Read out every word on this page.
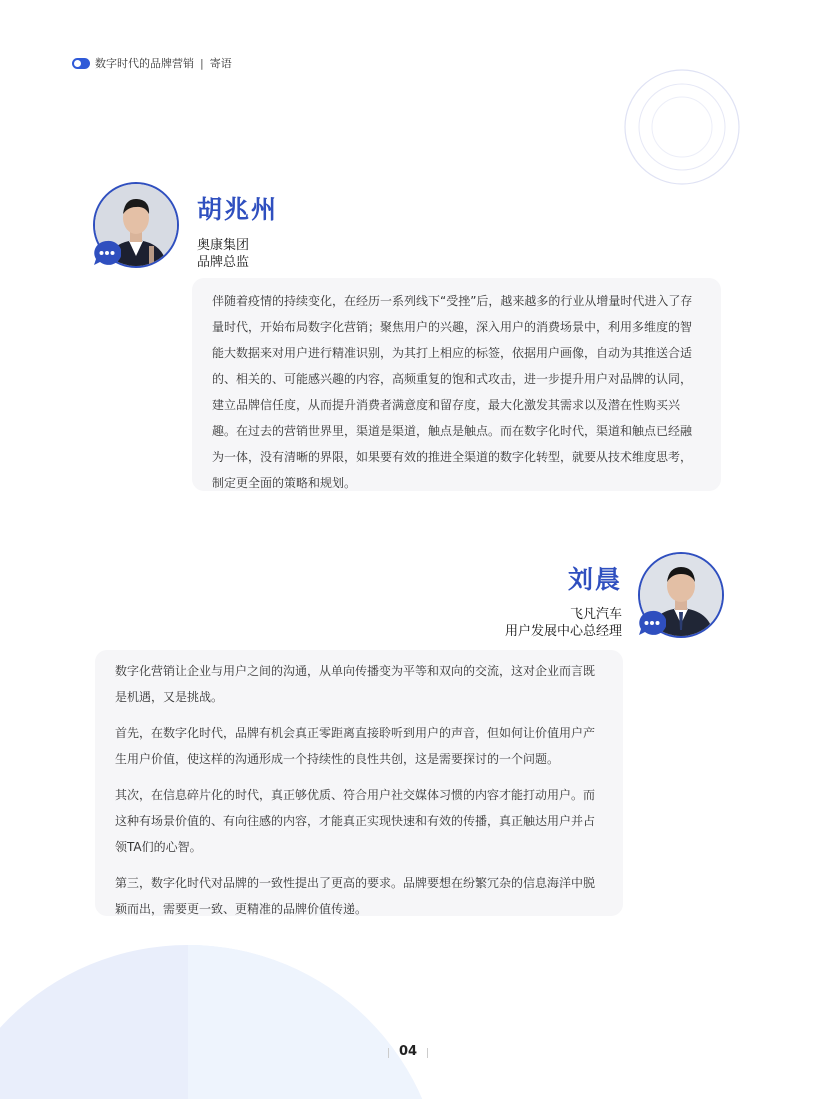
数字时代的品牌营销 | 寄语
胡兆州
奥康集团
品牌总监

伴随着疫情的持续变化，在经历一系列线下“受挫”后，越来越多的行业从增量时代进入了存量时代，开始布局数字化营销；聚焦用户的兴趣，深入用户的消费场景中，利用多维度的智能大数据来对用户进行精准识别，为其打上相应的标签，依据用户画像，自动为其推送合适的、相关的、可能感兴趣的内容，高频重复的饱和式攻击，进一步提升用户对品牌的认同，建立品牌信任度，从而提升消费者满意度和留存度，最大化激发其需求以及潜在性购买兴趣。在过去的营销世界里，渠道是渠道，触点是触点。而在数字化时代，渠道和触点已经融为一体，没有清晰的界限，如果要有效的推进全渠道的数字化转型，就要从技术维度思考，制定更全面的策略和规划。

刘晨
飞凡汽车
用户发展中心总经理

数字化营销让企业与用户之间的沟通，从单向传播变为平等和双向的交流，这对企业而言既是机遇，又是挑战。

首先，在数字化时代，品牌有机会真正零距离直接聆听到用户的声音，但如何让价值用户产生用户价值，使这样的沟通形成一个持续性的良性共创，这是需要探讨的一个问题。

其次，在信息碎片化的时代，真正够优质、符合用户社交媒体习惯的内容才能打动用户。而这种有场景价值的、有向往感的内容，才能真正实现快速和有效的传播，真正触达用户并占领TA们的心智。

第三，数字化时代对品牌的一致性提出了更高的要求。品牌要想在纷繁冗杂的信息海洋中脱颖而出，需要更一致、更精准的品牌价值传递。

04
